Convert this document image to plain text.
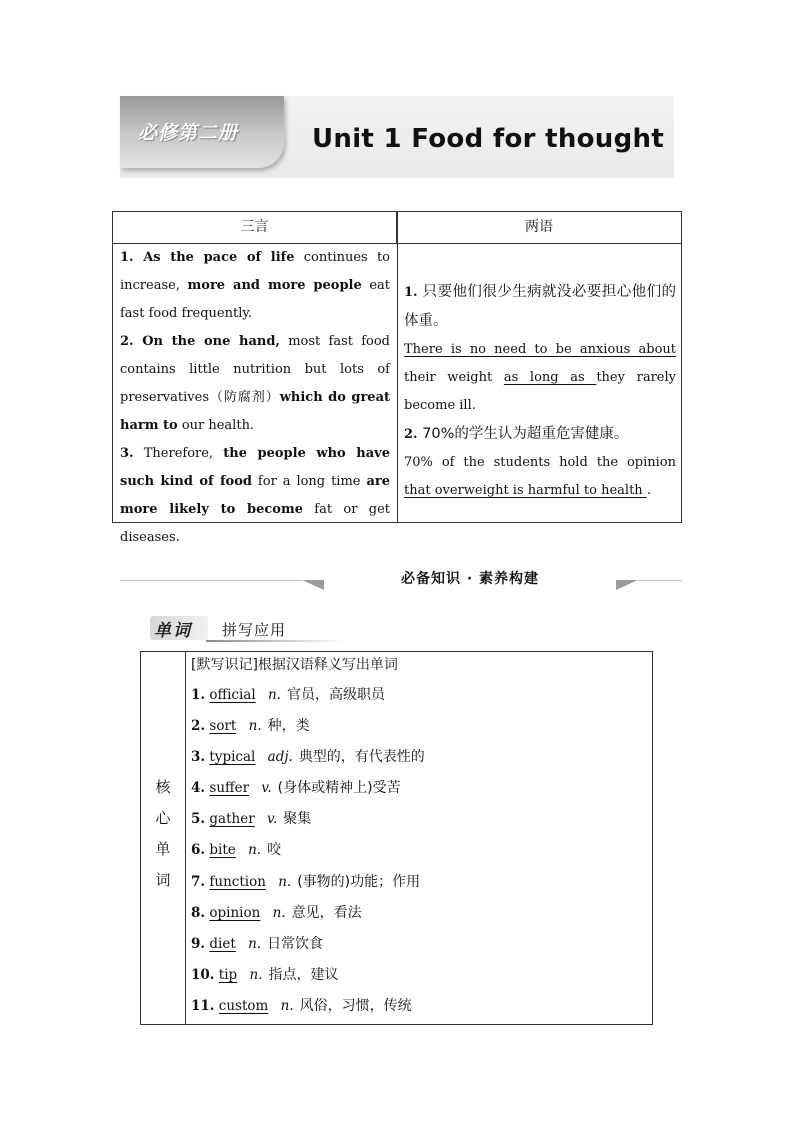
必修第二册	Unit 1 Food for thought
三言	两语

1. As the pace of life continues to increase, more and more people eat fast food frequently.

2. On the one hand, most fast food contains little nutrition but lots of preservatives（防腐剂）which do great harm to our health.

3. Therefore, the people who have such kind of food for a long time are more likely to become fat or get diseases.

1. 只要他们很少生病就没必要担心他们的体重。

There is no need to be anxious about their weight as long as they rarely become ill.

2. 70%的学生认为超重危害健康。

70% of the students hold the opinion that overweight is harmful to health .

必备知识 · 素养构建
单词 拼写应用
核
心
单
词
[默写识记]根据汉语释义写出单词
1. official n. 官员，高级职员
2. sort n. 种，类
3. typical adj. 典型的，有代表性的
4. suffer v. (身体或精神上)受苦
5. gather v. 聚集
6. bite n. 咬
7. function n. (事物的)功能；作用
8. opinion n. 意见，看法
9. diet n. 日常饮食
10. tip n. 指点，建议
11. custom n. 风俗，习惯，传统
